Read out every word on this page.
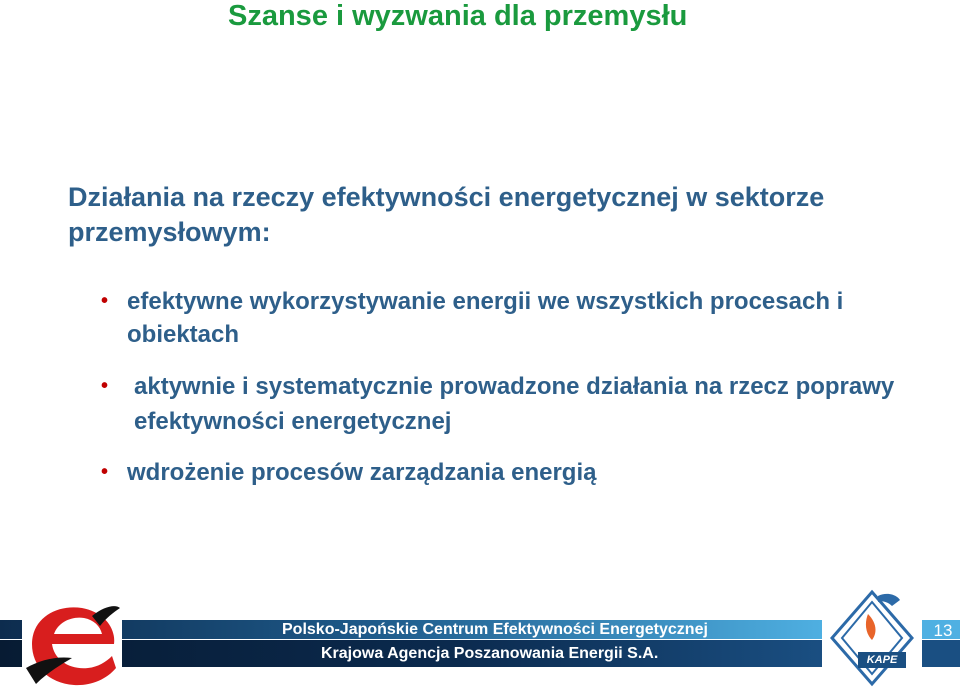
Szanse i wyzwania dla przemysłu
Działania na rzeczy efektywności energetycznej w sektorze przemysłowym:
• efektywne wykorzystywanie energii we wszystkich procesach i obiektach
• aktywnie i systematycznie prowadzone działania na rzecz poprawy efektywności energetycznej
• wdrożenie procesów zarządzania energią
Polsko-Japońskie Centrum Efektywności Energetycznej
Krajowa Agencja Poszanowania Energii S.A.
13
KAPE
